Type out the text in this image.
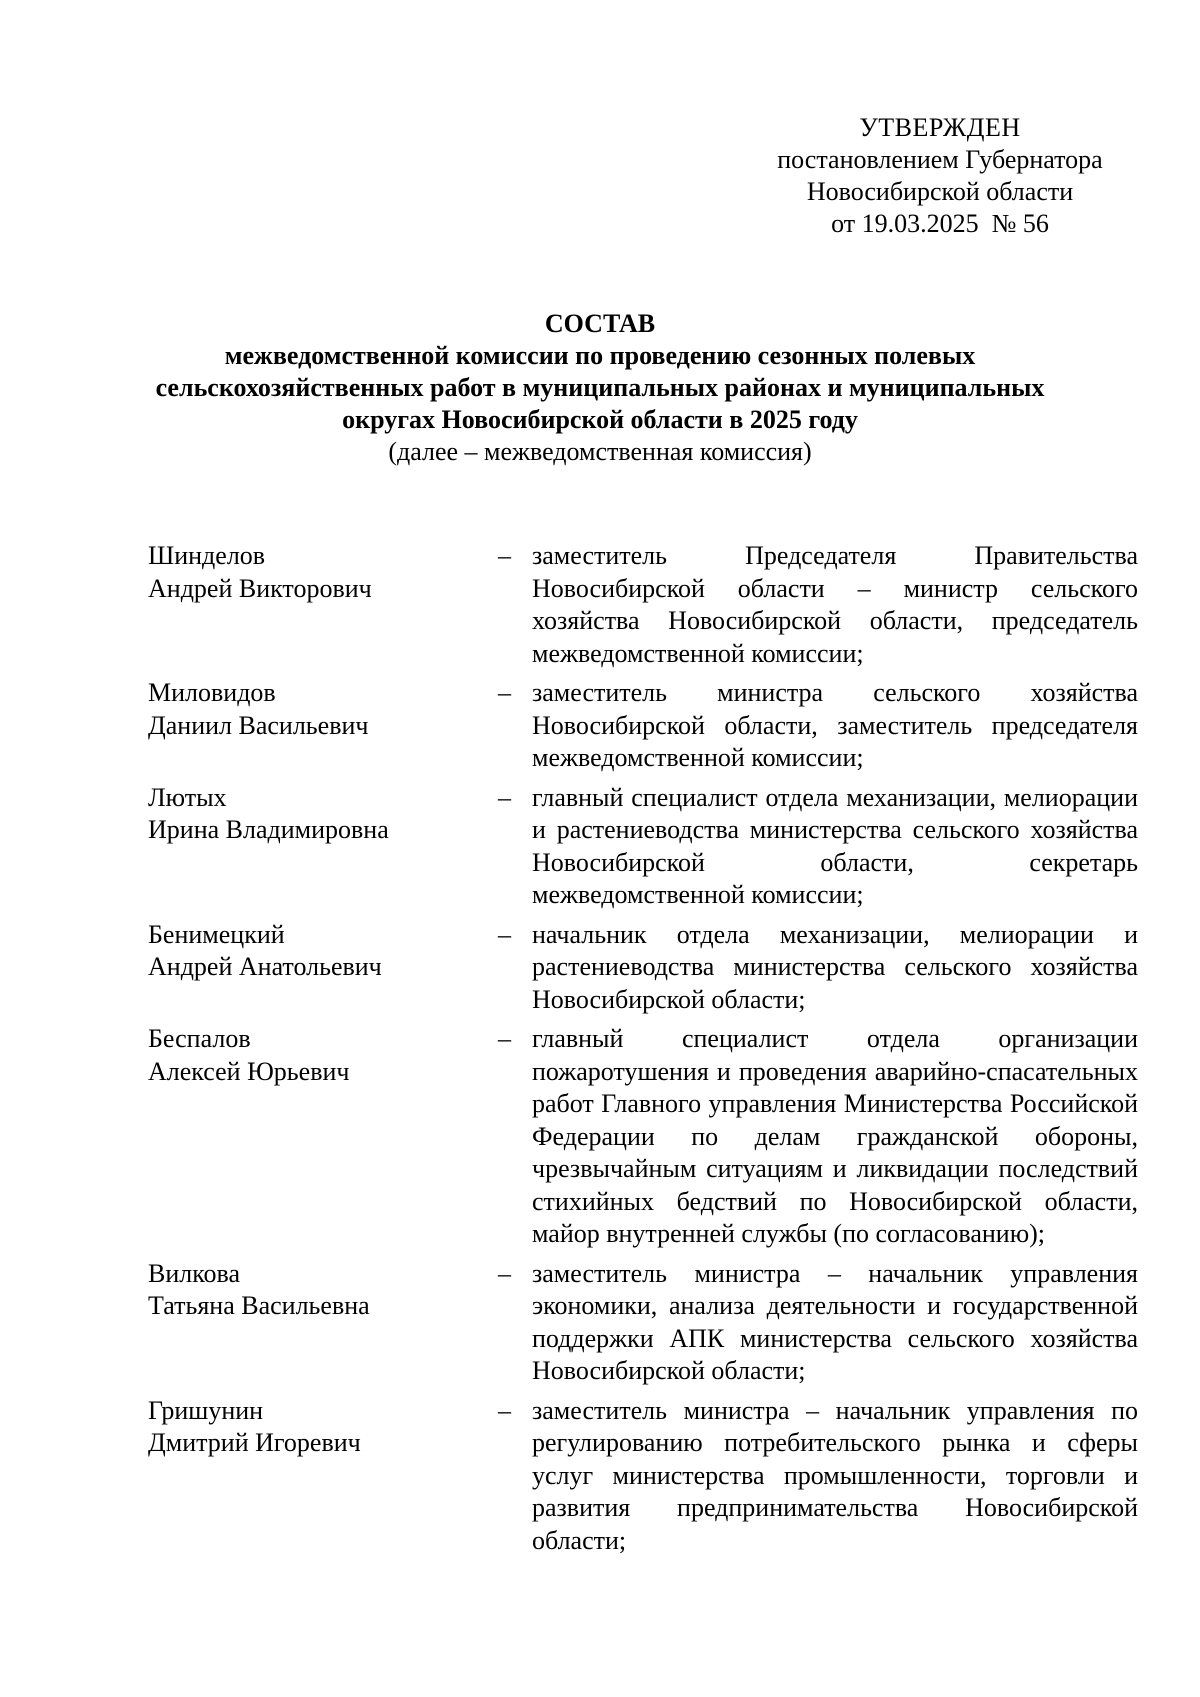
УТВЕРЖДЕН
постановлением Губернатора
Новосибирской области
от 19.03.2025  № 56
СОСТАВ
межведомственной комиссии по проведению сезонных полевых
сельскохозяйственных работ в муниципальных районах и муниципальных
округах Новосибирской области в 2025 году
(далее – межведомственная комиссия)
Шинделов
Андрей Викторович
– заместитель Председателя Правительства Новосибирской области – министр сельского хозяйства Новосибирской области, председатель межведомственной комиссии;
Миловидов
Даниил Васильевич
– заместитель министра сельского хозяйства Новосибирской области, заместитель председателя межведомственной комиссии;
Лютых
Ирина Владимировна
– главный специалист отдела механизации, мелиорации и растениеводства министерства сельского хозяйства Новосибирской области, секретарь межведомственной комиссии;
Бенимецкий
Андрей Анатольевич
– начальник отдела механизации, мелиорации и растениеводства министерства сельского хозяйства Новосибирской области;
Беспалов
Алексей Юрьевич
– главный специалист отдела организации пожаротушения и проведения аварийно-спасательных работ Главного управления Министерства Российской Федерации по делам гражданской обороны, чрезвычайным ситуациям и ликвидации последствий стихийных бедствий по Новосибирской области, майор внутренней службы (по согласованию);
Вилкова
Татьяна Васильевна
– заместитель министра – начальник управления экономики, анализа деятельности и государственной поддержки АПК министерства сельского хозяйства Новосибирской области;
Гришунин
Дмитрий Игоревич
– заместитель министра – начальник управления по регулированию потребительского рынка и сферы услуг министерства промышленности, торговли и развития предпринимательства Новосибирской области;
